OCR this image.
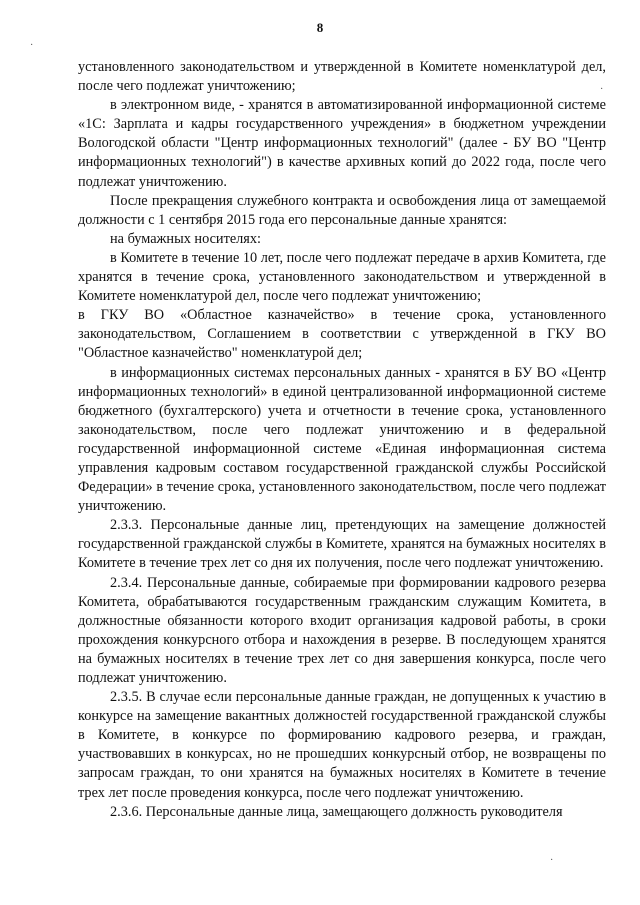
8
·
·
·

установленного законодательством и утвержденной в Комитете номенклатурой дел, после чего подлежат уничтожению;

в электронном виде, - хранятся в автоматизированной информационной системе «1С: Зарплата и кадры государственного учреждения» в бюджетном учреждении Вологодской области "Центр информационных технологий" (далее - БУ ВО "Центр информационных технологий") в качестве архивных копий до 2022 года, после чего подлежат уничтожению.

После прекращения служебного контракта и освобождения лица от замещаемой должности с 1 сентября 2015 года его персональные данные хранятся:

на бумажных носителях:

в Комитете в течение 10 лет, после чего подлежат передаче в архив Комитета, где хранятся в течение срока, установленного законодательством и утвержденной в Комитете номенклатурой дел, после чего подлежат уничтожению;

в ГКУ ВО «Областное казначейство» в течение срока, установленного законодательством, Соглашением в соответствии с утвержденной в ГКУ ВО "Областное казначейство" номенклатурой дел;

в информационных системах персональных данных - хранятся в БУ ВО «Центр информационных технологий» в единой централизованной информационной системе бюджетного (бухгалтерского) учета и отчетности в течение срока, установленного законодательством, после чего подлежат уничтожению и в федеральной государственной информационной системе «Единая информационная система управления кадровым составом государственной гражданской службы Российской Федерации» в течение срока, установленного законодательством, после чего подлежат уничтожению.

2.3.3. Персональные данные лиц, претендующих на замещение должностей государственной гражданской службы в Комитете, хранятся на бумажных носителях в Комитете в течение трех лет со дня их получения, после чего подлежат уничтожению.

2.3.4. Персональные данные, собираемые при формировании кадрового резерва Комитета, обрабатываются государственным гражданским служащим Комитета, в должностные обязанности которого входит организация кадровой работы, в сроки прохождения конкурсного отбора и нахождения в резерве. В последующем хранятся на бумажных носителях в течение трех лет со дня завершения конкурса, после чего подлежат уничтожению.

2.3.5. В случае если персональные данные граждан, не допущенных к участию в конкурсе на замещение вакантных должностей государственной гражданской службы в Комитете, в конкурсе по формированию кадрового резерва, и граждан, участвовавших в конкурсах, но не прошедших конкурсный отбор, не возвращены по запросам граждан, то они хранятся на бумажных носителях в Комитете в течение трех лет после проведения конкурса, после чего подлежат уничтожению.

2.3.6. Персональные данные лица, замещающего должность руководителя
